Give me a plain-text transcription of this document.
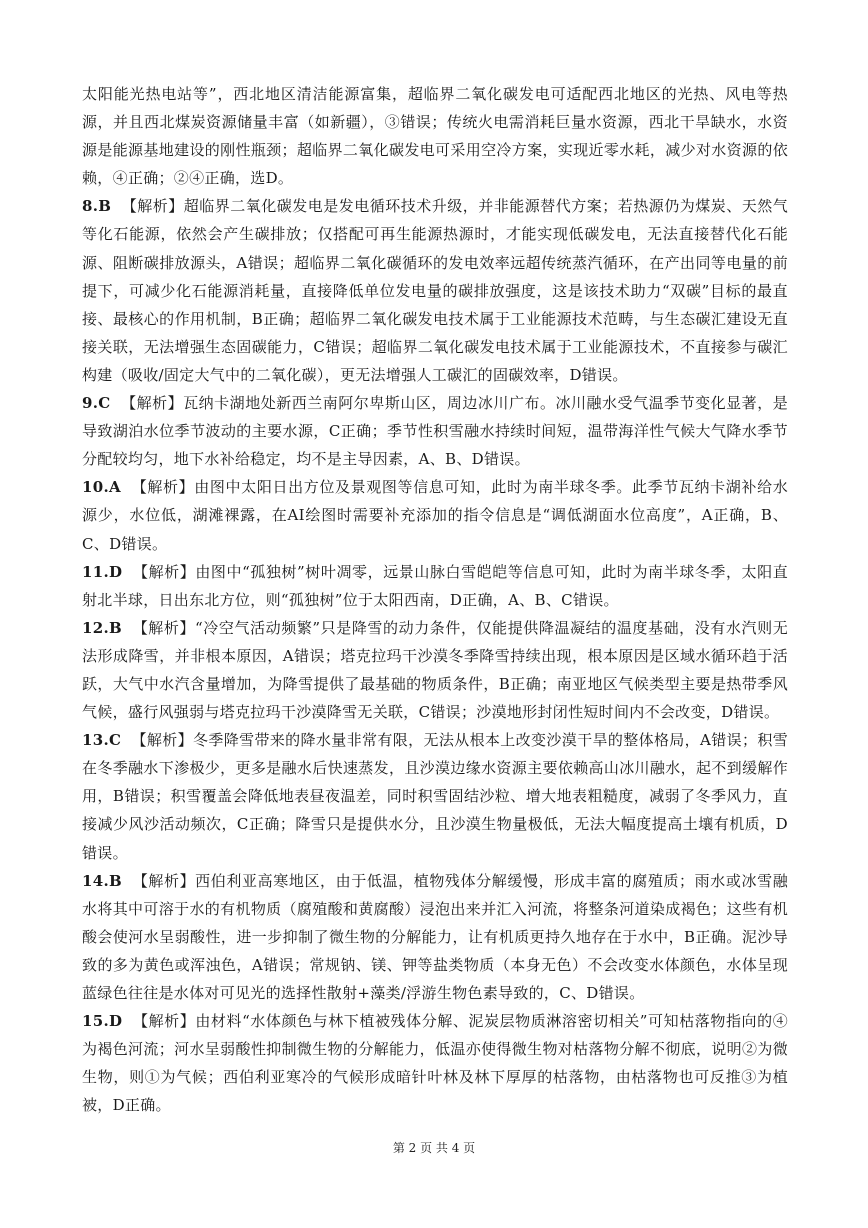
太阳能光热电站等”，西北地区清洁能源富集，超临界二氧化碳发电可适配西北地区的光热、风电等热源，并且西北煤炭资源储量丰富（如新疆），③错误；传统火电需消耗巨量水资源，西北干旱缺水，水资源是能源基地建设的刚性瓶颈；超临界二氧化碳发电可采用空冷方案，实现近零水耗，减少对水资源的依赖，④正确；②④正确，选D。

8.B 【解析】超临界二氧化碳发电是发电循环技术升级，并非能源替代方案；若热源仍为煤炭、天然气等化石能源，依然会产生碳排放；仅搭配可再生能源热源时，才能实现低碳发电，无法直接替代化石能源、阻断碳排放源头，A错误；超临界二氧化碳循环的发电效率远超传统蒸汽循环，在产出同等电量的前提下，可减少化石能源消耗量，直接降低单位发电量的碳排放强度，这是该技术助力“双碳”目标的最直接、最核心的作用机制，B正确；超临界二氧化碳发电技术属于工业能源技术范畴，与生态碳汇建设无直接关联，无法增强生态固碳能力，C错误；超临界二氧化碳发电技术属于工业能源技术，不直接参与碳汇构建（吸收/固定大气中的二氧化碳），更无法增强人工碳汇的固碳效率，D错误。

9.C 【解析】瓦纳卡湖地处新西兰南阿尔卑斯山区，周边冰川广布。冰川融水受气温季节变化显著，是导致湖泊水位季节波动的主要水源，C正确；季节性积雪融水持续时间短，温带海洋性气候大气降水季节分配较均匀，地下水补给稳定，均不是主导因素，A、B、D错误。

10.A 【解析】由图中太阳日出方位及景观图等信息可知，此时为南半球冬季。此季节瓦纳卡湖补给水源少，水位低，湖滩裸露，在AI绘图时需要补充添加的指令信息是“调低湖面水位高度”，A正确，B、C、D错误。

11.D 【解析】由图中“孤独树”树叶凋零，远景山脉白雪皑皑等信息可知，此时为南半球冬季，太阳直射北半球，日出东北方位，则“孤独树”位于太阳西南，D正确，A、B、C错误。

12.B 【解析】“冷空气活动频繁”只是降雪的动力条件，仅能提供降温凝结的温度基础，没有水汽则无法形成降雪，并非根本原因，A错误；塔克拉玛干沙漠冬季降雪持续出现，根本原因是区域水循环趋于活跃，大气中水汽含量增加，为降雪提供了最基础的物质条件，B正确；南亚地区气候类型主要是热带季风气候，盛行风强弱与塔克拉玛干沙漠降雪无关联，C错误；沙漠地形封闭性短时间内不会改变，D错误。

13.C 【解析】冬季降雪带来的降水量非常有限，无法从根本上改变沙漠干旱的整体格局，A错误；积雪在冬季融水下渗极少，更多是融水后快速蒸发，且沙漠边缘水资源主要依赖高山冰川融水，起不到缓解作用，B错误；积雪覆盖会降低地表昼夜温差，同时积雪固结沙粒、增大地表粗糙度，减弱了冬季风力，直接减少风沙活动频次，C正确；降雪只是提供水分，且沙漠生物量极低，无法大幅度提高土壤有机质，D错误。

14.B 【解析】西伯利亚高寒地区，由于低温，植物残体分解缓慢，形成丰富的腐殖质；雨水或冰雪融水将其中可溶于水的有机物质（腐殖酸和黄腐酸）浸泡出来并汇入河流，将整条河道染成褐色；这些有机酸会使河水呈弱酸性，进一步抑制了微生物的分解能力，让有机质更持久地存在于水中，B正确。泥沙导致的多为黄色或浑浊色，A错误；常规钠、镁、钾等盐类物质（本身无色）不会改变水体颜色，水体呈现蓝绿色往往是水体对可见光的选择性散射+藻类/浮游生物色素导致的，C、D错误。

15.D 【解析】由材料“水体颜色与林下植被残体分解、泥炭层物质淋溶密切相关”可知枯落物指向的④为褐色河流；河水呈弱酸性抑制微生物的分解能力，低温亦使得微生物对枯落物分解不彻底，说明②为微生物，则①为气候；西伯利亚寒冷的气候形成暗针叶林及林下厚厚的枯落物，由枯落物也可反推③为植被，D正确。

第 2 页 共 4 页
